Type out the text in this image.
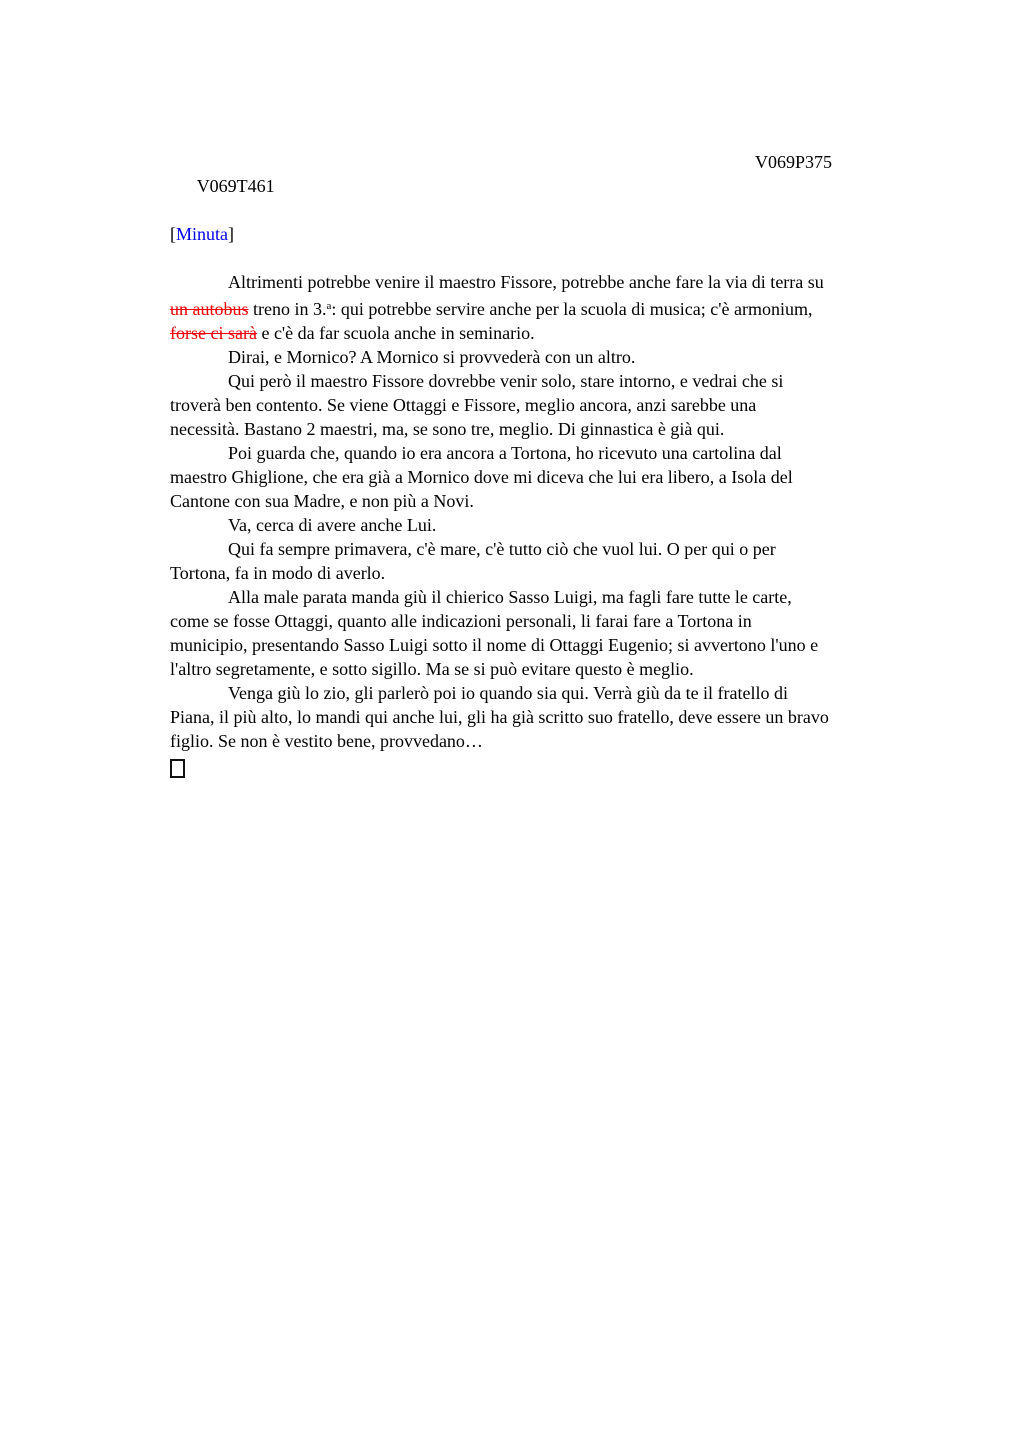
V069T461

V069P375

[Minuta]
Altrimenti potrebbe venire il maestro Fissore, potrebbe anche fare la via di terra su
un autobus treno in 3.$^a$: qui potrebbe servire anche per la scuola di musica; c'è armonium,
forse ci sarà e c'è da far scuola anche in seminario.
Dirai, e Mornico? A Mornico si provvederà con un altro.
Qui però il maestro Fissore dovrebbe venir solo, stare intorno, e vedrai che si
troverà ben contento. Se viene Ottaggi e Fissore, meglio ancora, anzi sarebbe una
necessità. Bastano 2 maestri, ma, se sono tre, meglio. Di ginnastica è già qui.
Poi guarda che, quando io era ancora a Tortona, ho ricevuto una cartolina dal
maestro Ghiglione, che era già a Mornico dove mi diceva che lui era libero, a Isola del
Cantone con sua Madre, e non più a Novi.
Va, cerca di avere anche Lui.
Qui fa sempre primavera, c'è mare, c'è tutto ciò che vuol lui. O per qui o per
Tortona, fa in modo di averlo.
Alla male parata manda giù il chierico Sasso Luigi, ma fagli fare tutte le carte,
come se fosse Ottaggi, quanto alle indicazioni personali, li farai fare a Tortona in
municipio, presentando Sasso Luigi sotto il nome di Ottaggi Eugenio; si avvertono l'uno e
l'altro segretamente, e sotto sigillo. Ma se si può evitare questo è meglio.
Venga giù lo zio, gli parlerò poi io quando sia qui. Verrà giù da te il fratello di
Piana, il più alto, lo mandi qui anche lui, gli ha già scritto suo fratello, deve essere un bravo
figlio. Se non è vestito bene, provvedano…
